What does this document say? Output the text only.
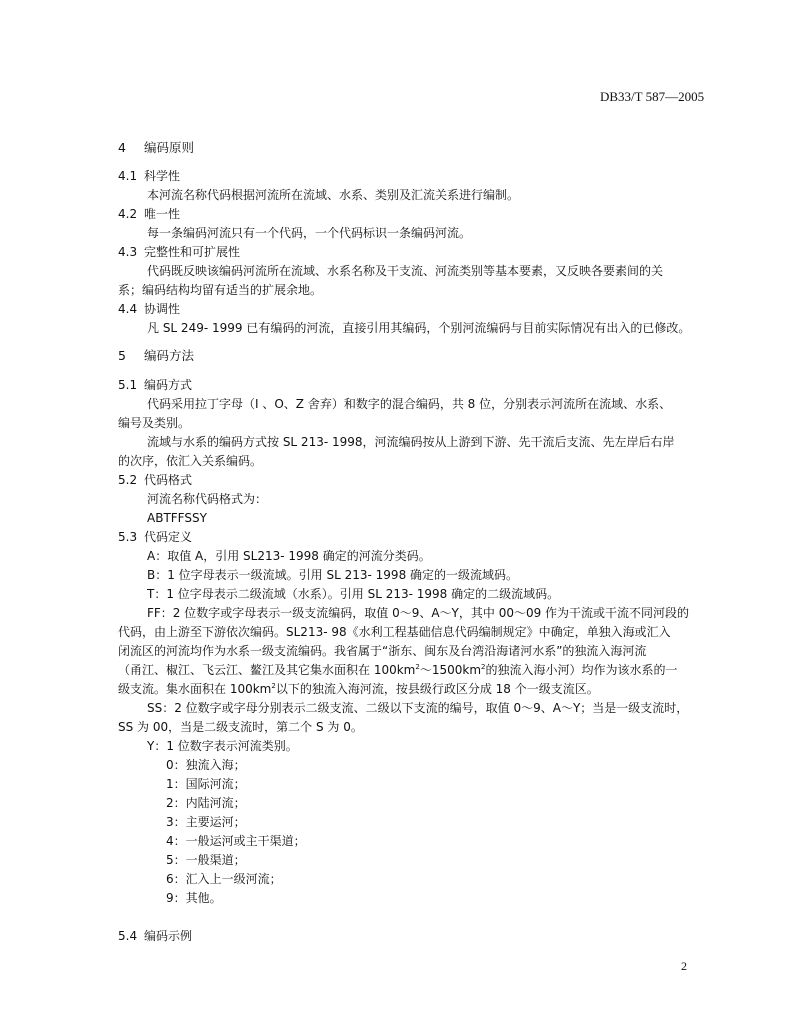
DB33/T 587—2005
4 编码原则
4.1 科学性
本河流名称代码根据河流所在流域、水系、类别及汇流关系进行编制。
4.2 唯一性
每一条编码河流只有一个代码，一个代码标识一条编码河流。
4.3 完整性和可扩展性
代码既反映该编码河流所在流域、水系名称及干支流、河流类别等基本要素，又反映各要素间的关
系；编码结构均留有适当的扩展余地。
4.4 协调性
凡 SL 249- 1999 已有编码的河流，直接引用其编码，个别河流编码与目前实际情况有出入的已修改。
5 编码方法
5.1 编码方式
代码采用拉丁字母（I 、O、Z 舍弃）和数字的混合编码，共 8 位，分别表示河流所在流域、水系、
编号及类别。
流域与水系的编码方式按 SL 213- 1998，河流编码按从上游到下游、先干流后支流、先左岸后右岸
的次序，依汇入关系编码。
5.2 代码格式
河流名称代码格式为：
ABTFFSSY
5.3 代码定义
A：取值 A，引用 SL213- 1998 确定的河流分类码。
B：1 位字母表示一级流域。引用 SL 213- 1998 确定的一级流域码。
T：1 位字母表示二级流域（水系）。引用 SL 213- 1998 确定的二级流域码。
FF：2 位数字或字母表示一级支流编码，取值 0～9、A～Y，其中 00～09 作为干流或干流不同河段的
代码，由上游至下游依次编码。SL213- 98《水利工程基础信息代码编制规定》中确定，单独入海或汇入
闭流区的河流均作为水系一级支流编码。我省属于“浙东、闽东及台湾沿海诸河水系”的独流入海河流
（甬江、椒江、飞云江、鳌江及其它集水面积在 $100km^2\sim 1500km^2$的独流入海小河）均作为该水系的一
级支流。集水面积在 $100km^2$以下的独流入海河流，按县级行政区分成 18 个一级支流区。
SS：2 位数字或字母分别表示二级支流、二级以下支流的编号，取值 0～9、A～Y；当是一级支流时，
SS 为 00，当是二级支流时，第二个 S 为 0。
Y：1 位数字表示河流类别。
0：独流入海；
1：国际河流；
2：内陆河流；
3：主要运河；
4：一般运河或主干渠道；
5：一般渠道；
6：汇入上一级河流；
9：其他。
5.4 编码示例
2
